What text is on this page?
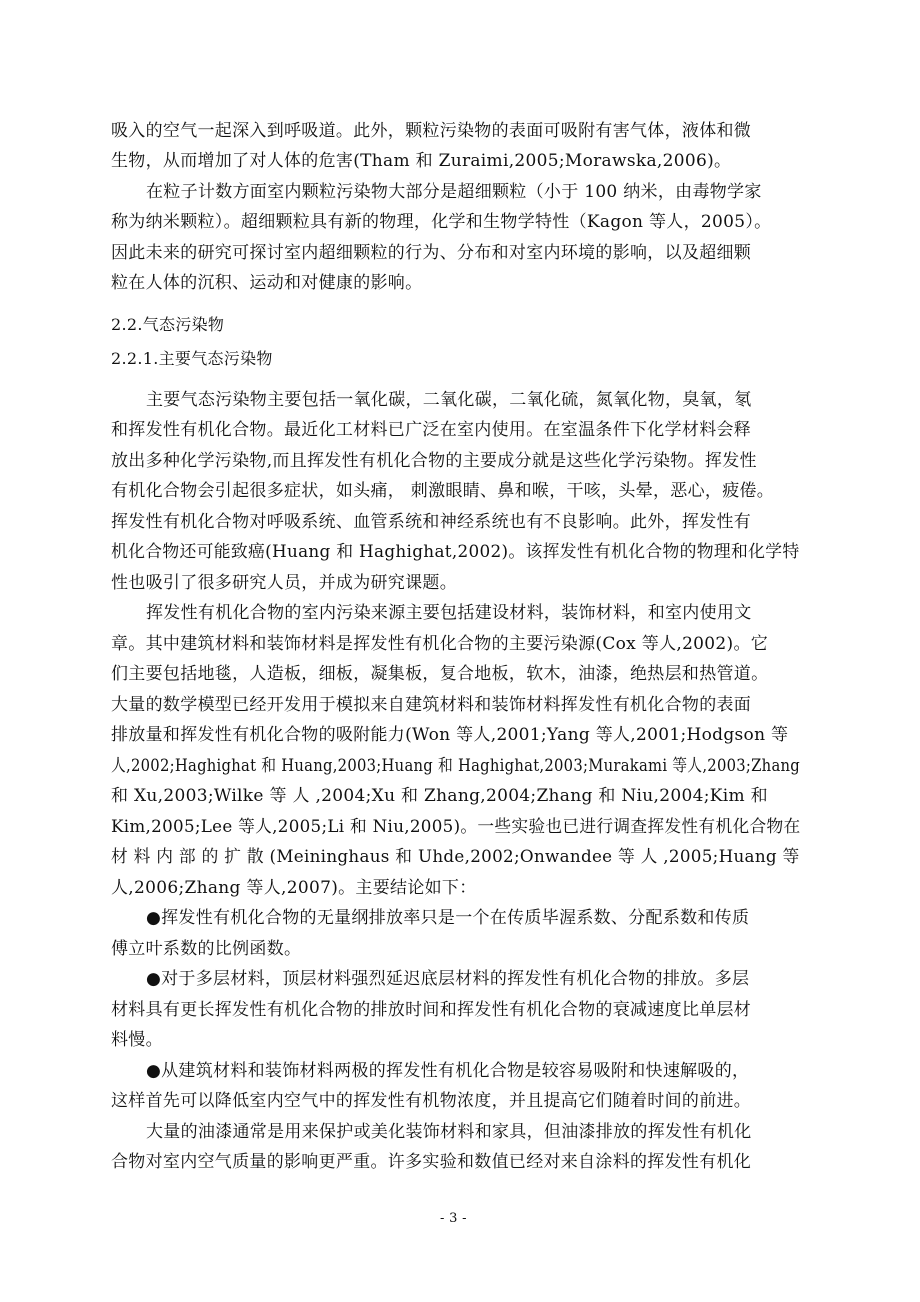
吸入的空气一起深入到呼吸道。此外，颗粒污染物的表面可吸附有害气体，液体和微
生物，从而增加了对人体的危害(Tham 和 Zuraimi,2005;Morawska,2006)。
在粒子计数方面室内颗粒污染物大部分是超细颗粒（小于 100 纳米，由毒物学家
称为纳米颗粒）。超细颗粒具有新的物理，化学和生物学特性（Kagon 等人，2005）。
因此未来的研究可探讨室内超细颗粒的行为、分布和对室内环境的影响，以及超细颗
粒在人体的沉积、运动和对健康的影响。
2.2.气态污染物
2.2.1.主要气态污染物
主要气态污染物主要包括一氧化碳，二氧化碳，二氧化硫，氮氧化物，臭氧，氡
和挥发性有机化合物。最近化工材料已广泛在室内使用。在室温条件下化学材料会释
放出多种化学污染物,而且挥发性有机化合物的主要成分就是这些化学污染物。挥发性
有机化合物会引起很多症状，如头痛， 刺激眼睛、鼻和喉，干咳，头晕，恶心，疲倦。
挥发性有机化合物对呼吸系统、血管系统和神经系统也有不良影响。此外，挥发性有
机化合物还可能致癌(Huang 和 Haghighat,2002)。该挥发性有机化合物的物理和化学特
性也吸引了很多研究人员，并成为研究课题。
挥发性有机化合物的室内污染来源主要包括建设材料，装饰材料，和室内使用文
章。其中建筑材料和装饰材料是挥发性有机化合物的主要污染源(Cox 等人,2002)。它
们主要包括地毯，人造板，细板，凝集板，复合地板，软木，油漆，绝热层和热管道。
大量的数学模型已经开发用于模拟来自建筑材料和装饰材料挥发性有机化合物的表面
排放量和挥发性有机化合物的吸附能力(Won 等人,2001;Yang 等人,2001;Hodgson 等
人,2002;Haghighat 和 Huang,2003;Huang 和 Haghighat,2003;Murakami 等人,2003;Zhang
和 Xu,2003;Wilke 等 人 ,2004;Xu 和 Zhang,2004;Zhang 和 Niu,2004;Kim 和
Kim,2005;Lee 等人,2005;Li 和 Niu,2005)。一些实验也已进行调查挥发性有机化合物在
材 料 内 部 的 扩 散 (Meininghaus 和 Uhde,2002;Onwandee 等 人 ,2005;Huang 等
人,2006;Zhang 等人,2007)。主要结论如下：
●挥发性有机化合物的无量纲排放率只是一个在传质毕渥系数、分配系数和传质
傅立叶系数的比例函数。
●对于多层材料，顶层材料强烈延迟底层材料的挥发性有机化合物的排放。多层
材料具有更长挥发性有机化合物的排放时间和挥发性有机化合物的衰减速度比单层材
料慢。
●从建筑材料和装饰材料两极的挥发性有机化合物是较容易吸附和快速解吸的，
这样首先可以降低室内空气中的挥发性有机物浓度，并且提高它们随着时间的前进。
大量的油漆通常是用来保护或美化装饰材料和家具，但油漆排放的挥发性有机化
合物对室内空气质量的影响更严重。许多实验和数值已经对来自涂料的挥发性有机化
- 3 -
